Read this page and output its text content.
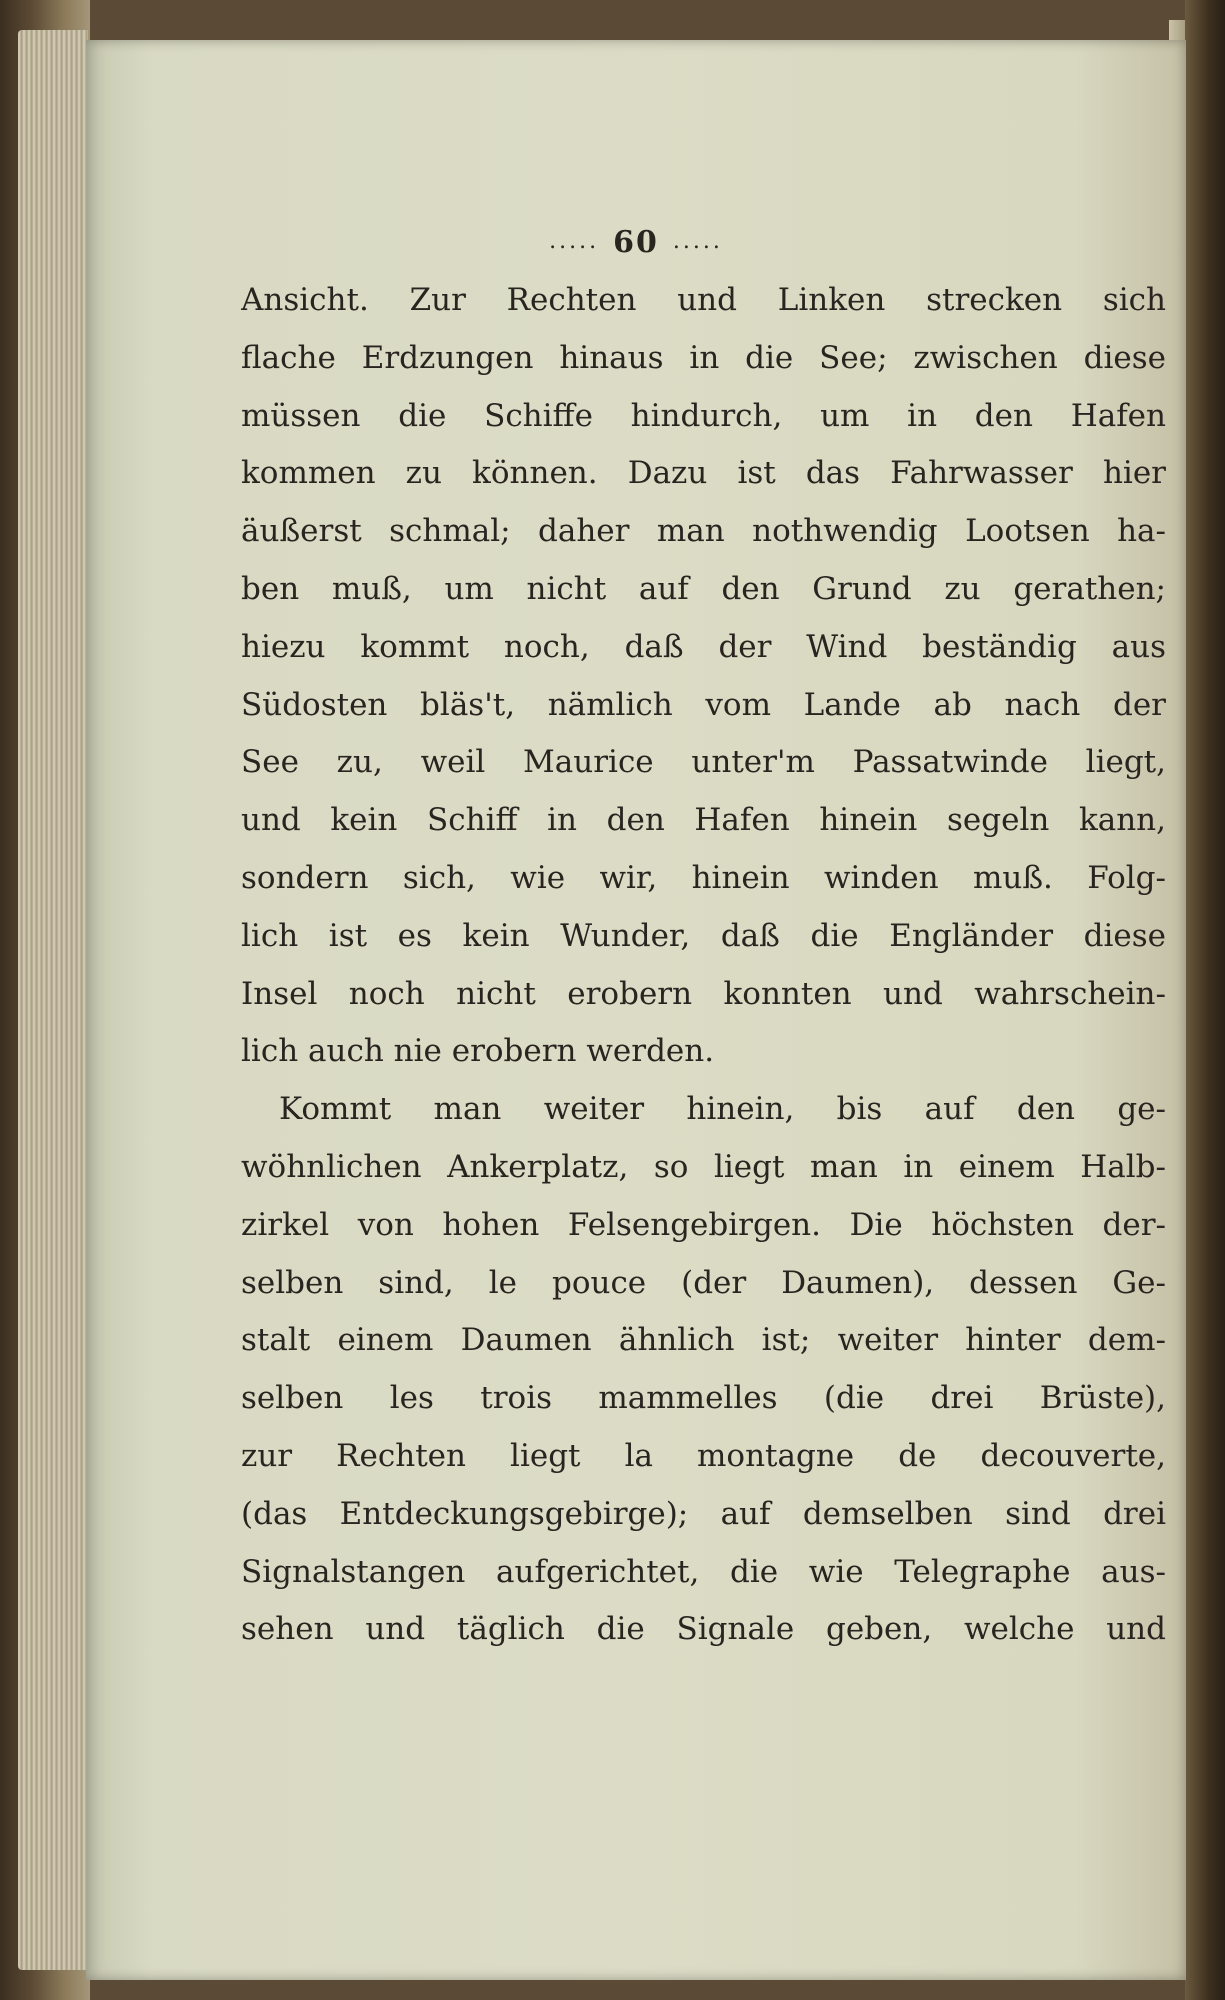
..... 60 .....
Ansicht. Zur Rechten und Linken strecken sich
flache Erdzungen hinaus in die See; zwischen diese
müssen die Schiffe hindurch, um in den Hafen
kommen zu können. Dazu ist das Fahrwasser hier
äußerst schmal; daher man nothwendig Lootsen ha-
ben muß, um nicht auf den Grund zu gerathen;
hiezu kommt noch, daß der Wind beständig aus
Südosten bläs't, nämlich vom Lande ab nach der
See zu, weil Maurice unter'm Passatwinde liegt,
und kein Schiff in den Hafen hinein segeln kann,
sondern sich, wie wir, hinein winden muß. Folg-
lich ist es kein Wunder, daß die Engländer diese
Insel noch nicht erobern konnten und wahrschein-
lich auch nie erobern werden.
Kommt man weiter hinein, bis auf den ge-
wöhnlichen Ankerplatz, so liegt man in einem Halb-
zirkel von hohen Felsengebirgen. Die höchsten der-
selben sind, le pouce (der Daumen), dessen Ge-
stalt einem Daumen ähnlich ist; weiter hinter dem-
selben les trois mammelles (die drei Brüste),
zur Rechten liegt la montagne de decouverte,
(das Entdeckungsgebirge); auf demselben sind drei
Signalstangen aufgerichtet, die wie Telegraphe aus-
sehen und täglich die Signale geben, welche und
